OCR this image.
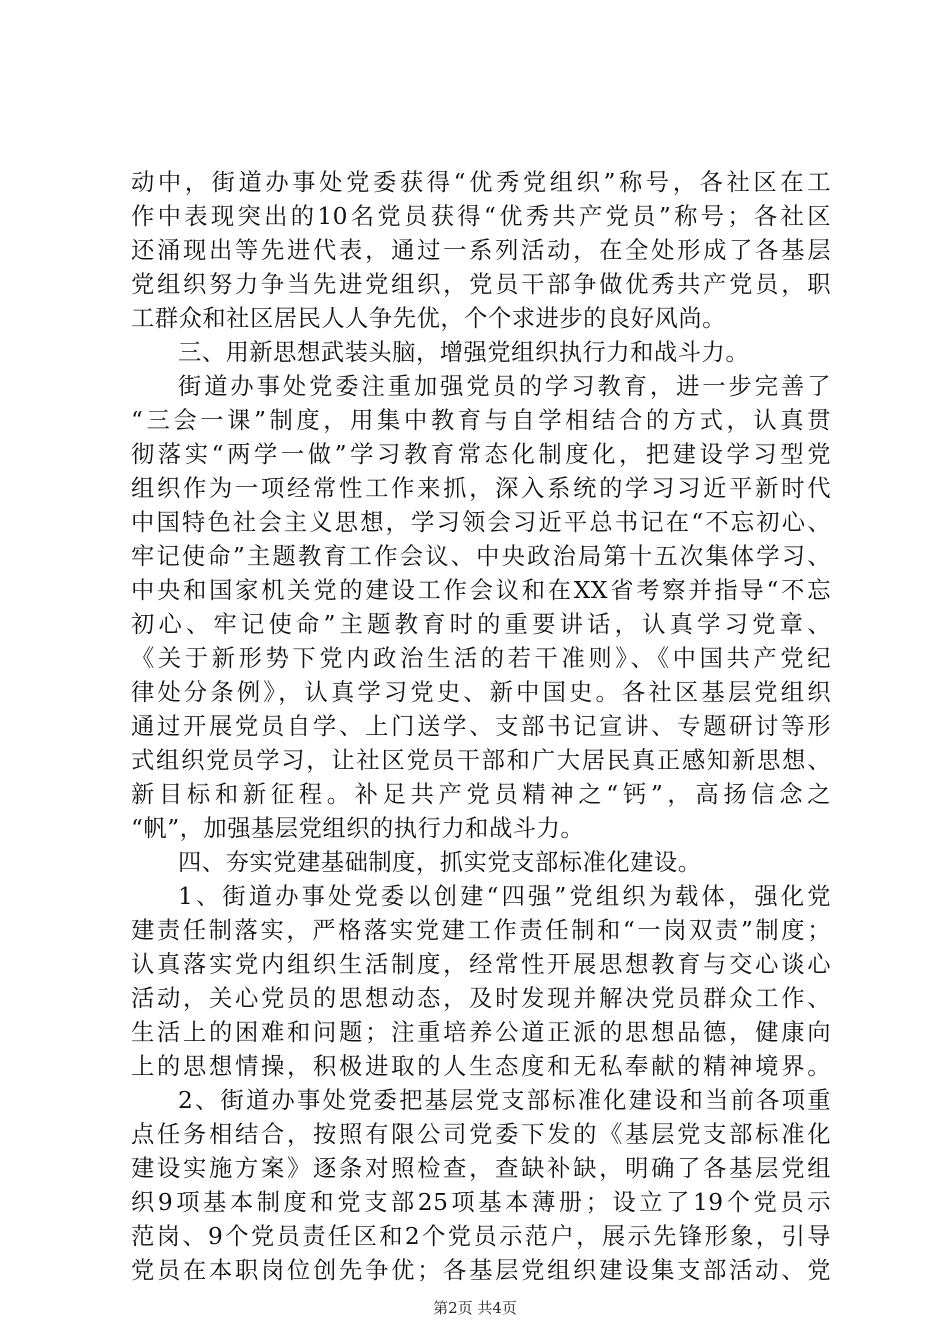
动中，街道办事处党委获得“优秀党组织”称号，各社区在工
作中表现突出的10名党员获得“优秀共产党员”称号；各社区
还涌现出等先进代表，通过一系列活动，在全处形成了各基层
党组织努力争当先进党组织，党员干部争做优秀共产党员，职
工群众和社区居民人人争先优，个个求进步的良好风尚。
三、用新思想武装头脑，增强党组织执行力和战斗力。
街道办事处党委注重加强党员的学习教育，进一步完善了
“三会一课”制度，用集中教育与自学相结合的方式，认真贯
彻落实“两学一做”学习教育常态化制度化，把建设学习型党
组织作为一项经常性工作来抓，深入系统的学习习近平新时代
中国特色社会主义思想，学习领会习近平总书记在“不忘初心、
牢记使命”主题教育工作会议、中央政治局第十五次集体学习、
中央和国家机关党的建设工作会议和在XX省考察并指导“不忘
初心、牢记使命”主题教育时的重要讲话，认真学习党章、
《关于新形势下党内政治生活的若干准则》、《中国共产党纪
律处分条例》，认真学习党史、新中国史。各社区基层党组织
通过开展党员自学、上门送学、支部书记宣讲、专题研讨等形
式组织党员学习，让社区党员干部和广大居民真正感知新思想、
新目标和新征程。补足共产党员精神之“钙”，高扬信念之
“帆”，加强基层党组织的执行力和战斗力。
四、夯实党建基础制度，抓实党支部标准化建设。
1、街道办事处党委以创建“四强”党组织为载体，强化党
建责任制落实，严格落实党建工作责任制和“一岗双责”制度；
认真落实党内组织生活制度，经常性开展思想教育与交心谈心
活动，关心党员的思想动态，及时发现并解决党员群众工作、
生活上的困难和问题；注重培养公道正派的思想品德，健康向
上的思想情操，积极进取的人生态度和无私奉献的精神境界。
2、街道办事处党委把基层党支部标准化建设和当前各项重
点任务相结合，按照有限公司党委下发的《基层党支部标准化
建设实施方案》逐条对照检查，查缺补缺，明确了各基层党组
织9项基本制度和党支部25项基本薄册；设立了19个党员示
范岗、9个党员责任区和2个党员示范户，展示先锋形象，引导
党员在本职岗位创先争优；各基层党组织建设集支部活动、党
第2页 共4页
